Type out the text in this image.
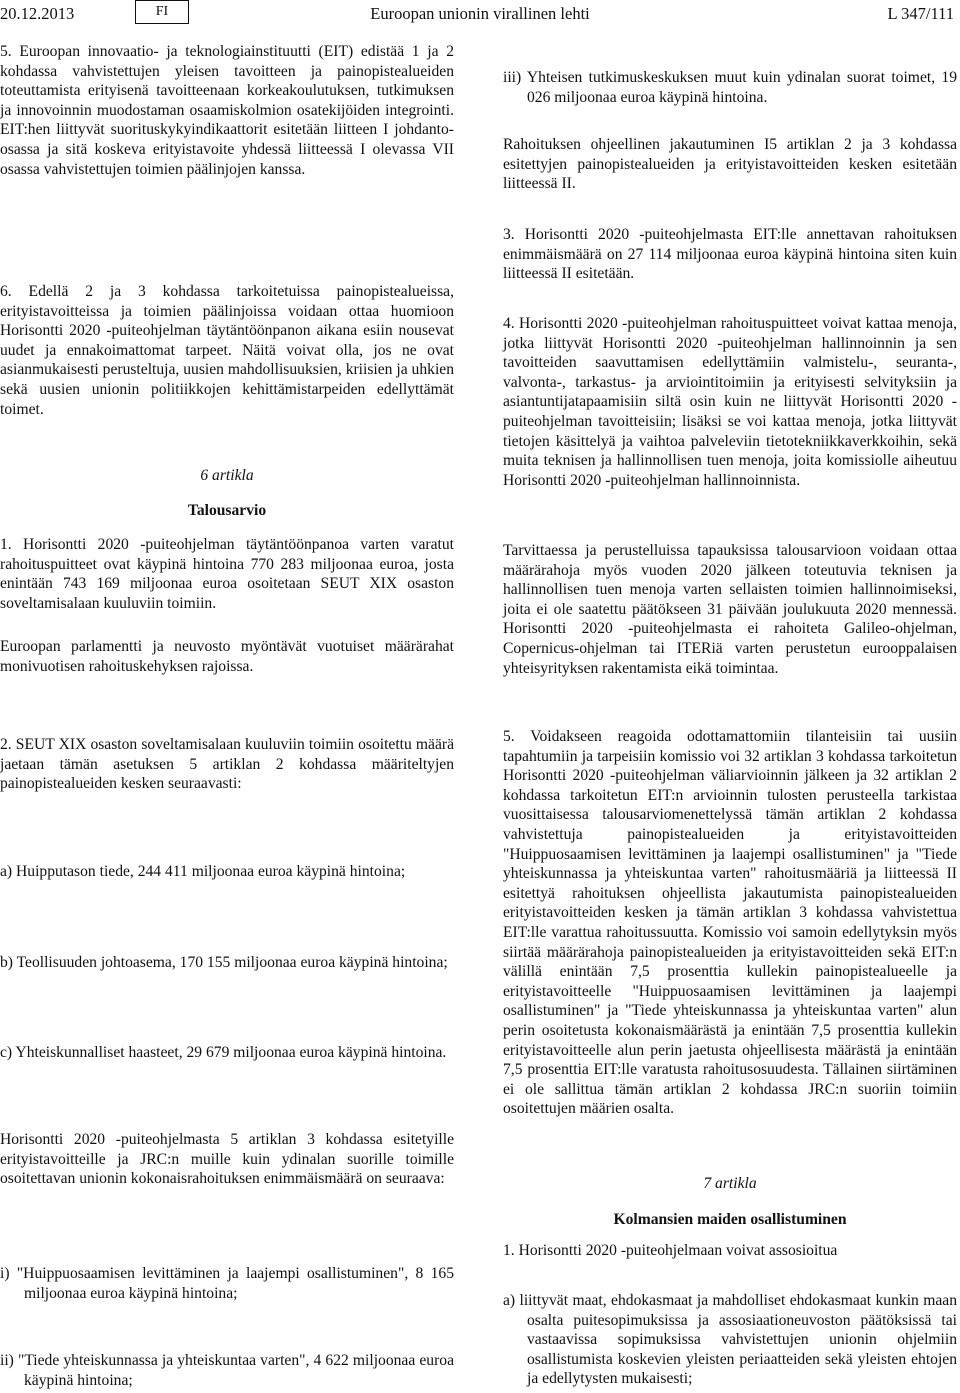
20.12.2013	FI	Euroopan unionin virallinen lehti	L 347/111

5. Euroopan innovaatio- ja teknologiainstituutti (EIT) edistää 1 ja 2 kohdassa vahvistettujen yleisen tavoitteen ja painopistealueiden toteuttamista erityisenä tavoitteenaan korkeakoulutuksen, tutkimuksen ja innovoinnin muodostaman osaamiskolmion osatekijöiden integrointi. EIT:hen liittyvät suorituskykyindikaattorit esitetään liitteen I johdanto-osassa ja sitä koskeva erityistavoite yhdessä liitteessä I olevassa VII osassa vahvistettujen toimien päälinjojen kanssa.

6. Edellä 2 ja 3 kohdassa tarkoitetuissa painopistealueissa, erityistavoitteissa ja toimien päälinjoissa voidaan ottaa huomioon Horisontti 2020 -puiteohjelman täytäntöönpanon aikana esiin nousevat uudet ja ennakoimattomat tarpeet. Näitä voivat olla, jos ne ovat asianmukaisesti perusteltuja, uusien mahdollisuuksien, kriisien ja uhkien sekä uusien unionin politiikkojen kehittämistarpeiden edellyttämät toimet.

6 artikla

Talousarvio

1. Horisontti 2020 -puiteohjelman täytäntöönpanoa varten varatut rahoituspuitteet ovat käypinä hintoina 770 283 miljoonaa euroa, josta enintään 743 169 miljoonaa euroa osoitetaan SEUT XIX osaston soveltamisalaan kuuluviin toimiin.

Euroopan parlamentti ja neuvosto myöntävät vuotuiset määrärahat monivuotisen rahoituskehyksen rajoissa.

2. SEUT XIX osaston soveltamisalaan kuuluviin toimiin osoitettu määrä jaetaan tämän asetuksen 5 artiklan 2 kohdassa määriteltyjen painopistealueiden kesken seuraavasti:

a) Huipputason tiede, 244 411 miljoonaa euroa käypinä hintoina;

b) Teollisuuden johtoasema, 170 155 miljoonaa euroa käypinä hintoina;

c) Yhteiskunnalliset haasteet, 29 679 miljoonaa euroa käypinä hintoina.

Horisontti 2020 -puiteohjelmasta 5 artiklan 3 kohdassa esitetyille erityistavoitteille ja JRC:n muille kuin ydinalan suorille toimille osoitettavan unionin kokonaisrahoituksen enimmäismäärä on seuraava:

i) "Huippuosaamisen levittäminen ja laajempi osallistuminen", 8 165 miljoonaa euroa käypinä hintoina;

ii) "Tiede yhteiskunnassa ja yhteiskuntaa varten", 4 622 miljoonaa euroa käypinä hintoina;

iii) Yhteisen tutkimuskeskuksen muut kuin ydinalan suorat toimet, 19 026 miljoonaa euroa käypinä hintoina.

Rahoituksen ohjeellinen jakautuminen I5 artiklan 2 ja 3 kohdassa esitettyjen painopistealueiden ja erityistavoitteiden kesken esitetään liitteessä II.

3. Horisontti 2020 -puiteohjelmasta EIT:lle annettavan rahoituksen enimmäismäärä on 27 114 miljoonaa euroa käypinä hintoina siten kuin liitteessä II esitetään.

4. Horisontti 2020 -puiteohjelman rahoituspuitteet voivat kattaa menoja, jotka liittyvät Horisontti 2020 -puiteohjelman hallinnoinnin ja sen tavoitteiden saavuttamisen edellyttämiin valmistelu-, seuranta-, valvonta-, tarkastus- ja arviointitoimiin ja erityisesti selvityksiin ja asiantuntijatapaamisiin siltä osin kuin ne liittyvät Horisontti 2020 -puiteohjelman tavoitteisiin; lisäksi se voi kattaa menoja, jotka liittyvät tietojen käsittelyä ja vaihtoa palveleviin tietotekniikkaverkkoihin, sekä muita teknisen ja hallinnollisen tuen menoja, joita komissiolle aiheutuu Horisontti 2020 -puiteohjelman hallinnoinnista.

Tarvittaessa ja perustelluissa tapauksissa talousarvioon voidaan ottaa määrärahoja myös vuoden 2020 jälkeen toteutuvia teknisen ja hallinnollisen tuen menoja varten sellaisten toimien hallinnoimiseksi, joita ei ole saatettu päätökseen 31 päivään joulukuuta 2020 mennessä. Horisontti 2020 -puiteohjelmasta ei rahoiteta Galileo-ohjelman, Copernicus-ohjelman tai ITERiä varten perustetun eurooppalaisen yhteisyrityksen rakentamista eikä toimintaa.

5. Voidakseen reagoida odottamattomiin tilanteisiin tai uusiin tapahtumiin ja tarpeisiin komissio voi 32 artiklan 3 kohdassa tarkoitetun Horisontti 2020 -puiteohjelman väliarvioinnin jälkeen ja 32 artiklan 2 kohdassa tarkoitetun EIT:n arvioinnin tulosten perusteella tarkistaa vuosittaisessa talousarviomenettelyssä tämän artiklan 2 kohdassa vahvistettuja painopistealueiden ja erityistavoitteiden "Huippuosaamisen levittäminen ja laajempi osallistuminen" ja "Tiede yhteiskunnassa ja yhteiskuntaa varten" rahoitusmääriä ja liitteessä II esitettyä rahoituksen ohjeellista jakautumista painopistealueiden erityistavoitteiden kesken ja tämän artiklan 3 kohdassa vahvistettua EIT:lle varattua rahoitussuutta. Komissio voi samoin edellytyksin myös siirtää määrärahoja painopistealueiden ja erityistavoitteiden sekä EIT:n välillä enintään 7,5 prosenttia kullekin painopistealueelle ja erityistavoitteelle "Huippuosaamisen levittäminen ja laajempi osallistuminen" ja "Tiede yhteiskunnassa ja yhteiskuntaa varten" alun perin osoitetusta kokonaismäärästä ja enintään 7,5 prosenttia kullekin erityistavoitteelle alun perin jaetusta ohjeellisesta määrästä ja enintään 7,5 prosenttia EIT:lle varatusta rahoitusosuudesta. Tällainen siirtäminen ei ole sallittua tämän artiklan 2 kohdassa JRC:n suoriin toimiin osoitettujen määrien osalta.

7 artikla

Kolmansien maiden osallistuminen

1. Horisontti 2020 -puiteohjelmaan voivat assosioitua

a) liittyvät maat, ehdokasmaat ja mahdolliset ehdokasmaat kunkin maan osalta puitesopimuksissa ja assosiaationeuvoston päätöksissä tai vastaavissa sopimuksissa vahvistettujen unionin ohjelmiin osallistumista koskevien yleisten periaatteiden sekä yleisten ehtojen ja edellytysten mukaisesti;
